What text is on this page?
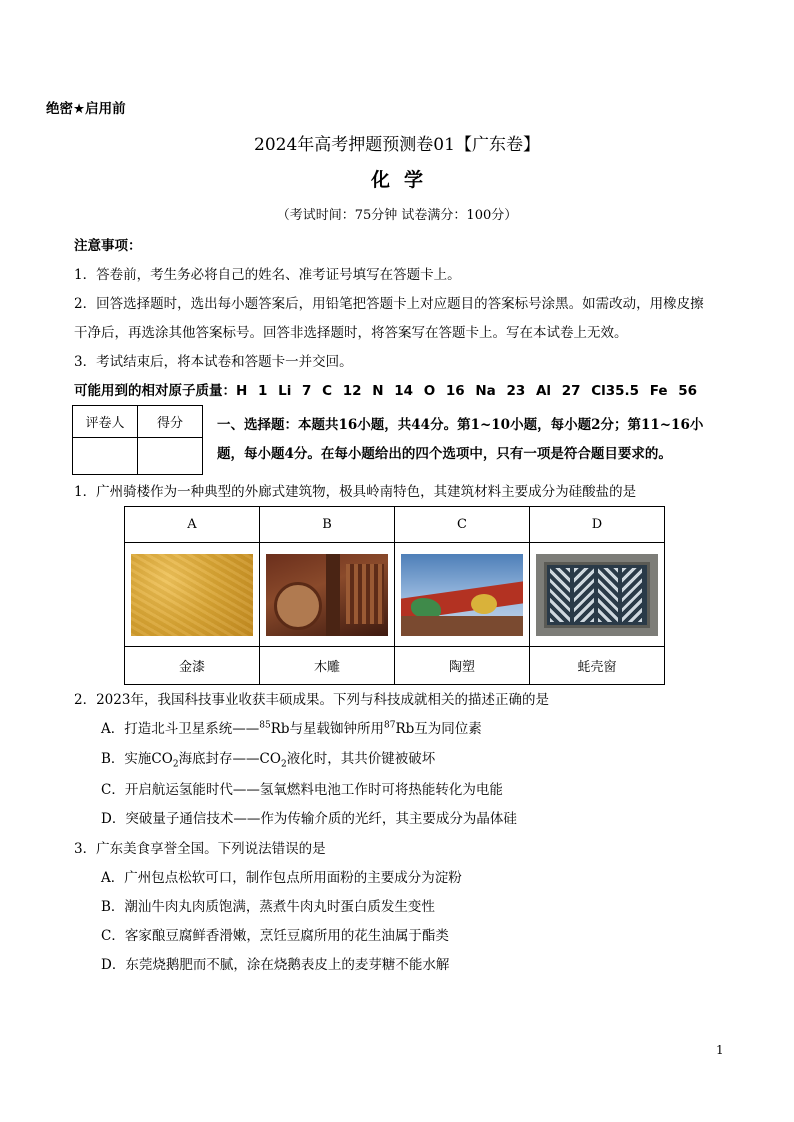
绝密★启用前
2024年高考押题预测卷01【广东卷】
化学
（考试时间：75分钟 试卷满分：100分）
注意事项：
1．答卷前，考生务必将自己的姓名、准考证号填写在答题卡上。
2．回答选择题时，选出每小题答案后，用铅笔把答题卡上对应题目的答案标号涂黑。如需改动，用橡皮擦
干净后，再选涂其他答案标号。回答非选择题时，将答案写在答题卡上。写在本试卷上无效。
3．考试结束后，将本试卷和答题卡一并交回。
可能用到的相对原子质量：H 1 Li 7 C 12 N 14 O 16 Na 23 Al 27 Cl35.5 Fe 56
评卷人	得分
		一、选择题：本题共16小题，共44分。第1~10小题，每小题2分；第11~16小
题，每小题4分。在每小题给出的四个选项中，只有一项是符合题目要求的。
1．广州骑楼作为一种典型的外廊式建筑物，极具岭南特色，其建筑材料主要成分为硅酸盐的是
A	B	C	D

金漆	木雕	陶塑	蚝壳窗
2．2023年，我国科技事业收获丰硕成果。下列与科技成就相关的描述正确的是
A．打造北斗卫星系统——$^{85}$Rb与星载铷钟所用$^{87}$Rb互为同位素
B．实施$CO_2$海底封存$——CO_2$液化时，其共价键被破坏
C．开启航运氢能时代——氢氧燃料电池工作时可将热能转化为电能
D．突破量子通信技术——作为传输介质的光纤，其主要成分为晶体硅
3．广东美食享誉全国。下列说法错误的是
A．广州包点松软可口，制作包点所用面粉的主要成分为淀粉
B．潮汕牛肉丸肉质饱满，蒸煮牛肉丸时蛋白质发生变性
C．客家酿豆腐鲜香滑嫩，烹饪豆腐所用的花生油属于酯类
D．东莞烧鹅肥而不腻，涂在烧鹅表皮上的麦芽糖不能水解
1
